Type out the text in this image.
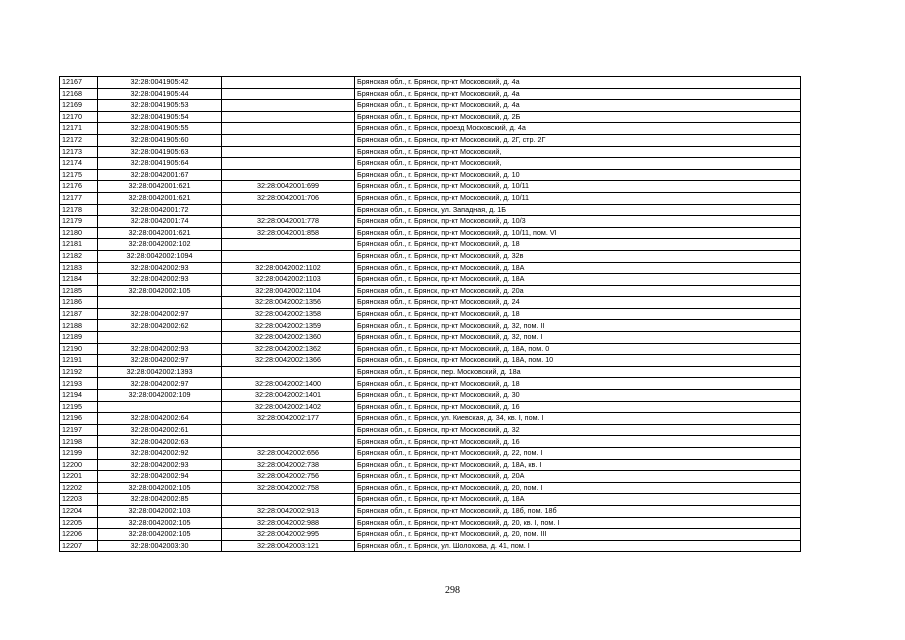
12167	32:28:0041905:42		Брянская обл., г. Брянск, пр-кт Московский, д. 4а
12168	32:28:0041905:44		Брянская обл., г. Брянск, пр-кт Московский, д. 4а
12169	32:28:0041905:53		Брянская обл., г. Брянск, пр-кт Московский, д. 4а
12170	32:28:0041905:54		Брянская обл., г. Брянск, пр-кт Московский, д. 2Б
12171	32:28:0041905:55		Брянская обл., г. Брянск, проезд Московский, д. 4а
12172	32:28:0041905:60		Брянская обл., г. Брянск, пр-кт Московский, д. 2Г, стр. 2Г
12173	32:28:0041905:63		Брянская обл., г. Брянск, пр-кт Московский,
12174	32:28:0041905:64		Брянская обл., г. Брянск, пр-кт Московский,
12175	32:28:0042001:67		Брянская обл., г. Брянск, пр-кт Московский, д. 10
12176	32:28:0042001:621	32:28:0042001:699	Брянская обл., г. Брянск, пр-кт Московский, д. 10/11
12177	32:28:0042001:621	32:28:0042001:706	Брянская обл., г. Брянск, пр-кт Московский, д. 10/11
12178	32:28:0042001:72		Брянская обл., г. Брянск, ул. Западная, д. 1Б
12179	32:28:0042001:74	32:28:0042001:778	Брянская обл., г. Брянск, пр-кт Московский, д. 10/3
12180	32:28:0042001:621	32:28:0042001:858	Брянская обл., г. Брянск, пр-кт Московский, д. 10/11, пом. VI
12181	32:28:0042002:102		Брянская обл., г. Брянск, пр-кт Московский, д. 18
12182	32:28:0042002:1094		Брянская обл., г. Брянск, пр-кт Московский, д. 32в
12183	32:28:0042002:93	32:28:0042002:1102	Брянская обл., г. Брянск, пр-кт Московский, д. 18А
12184	32:28:0042002:93	32:28:0042002:1103	Брянская обл., г. Брянск, пр-кт Московский, д. 18А
12185	32:28:0042002:105	32:28:0042002:1104	Брянская обл., г. Брянск, пр-кт Московский, д. 20а
12186		32:28:0042002:1356	Брянская обл., г. Брянск, пр-кт Московский, д. 24
12187	32:28:0042002:97	32:28:0042002:1358	Брянская обл., г. Брянск, пр-кт Московский, д. 18
12188	32:28:0042002:62	32:28:0042002:1359	Брянская обл., г. Брянск, пр-кт Московский, д. 32, пом. II
12189		32:28:0042002:1360	Брянская обл., г. Брянск, пр-кт Московский, д. 32, пом. I
12190	32:28:0042002:93	32:28:0042002:1362	Брянская обл., г. Брянск, пр-кт Московский, д. 18А, пом. 0
12191	32:28:0042002:97	32:28:0042002:1366	Брянская обл., г. Брянск, пр-кт Московский, д. 18А, пом. 10
12192	32:28:0042002:1393		Брянская обл., г. Брянск, пер. Московский, д. 18а
12193	32:28:0042002:97	32:28:0042002:1400	Брянская обл., г. Брянск, пр-кт Московский, д. 18
12194	32:28:0042002:109	32:28:0042002:1401	Брянская обл., г. Брянск, пр-кт Московский, д. 30
12195		32:28:0042002:1402	Брянская обл., г. Брянск, пр-кт Московский, д. 16
12196	32:28:0042002:64	32:28:0042002:177	Брянская обл., г. Брянск, ул. Киевская, д. 34, кв. I, пом. I
12197	32:28:0042002:61		Брянская обл., г. Брянск, пр-кт Московский, д. 32
12198	32:28:0042002:63		Брянская обл., г. Брянск, пр-кт Московский, д. 16
12199	32:28:0042002:92	32:28:0042002:656	Брянская обл., г. Брянск, пр-кт Московский, д. 22, пом. I
12200	32:28:0042002:93	32:28:0042002:738	Брянская обл., г. Брянск, пр-кт Московский, д. 18А, кв. I
12201	32:28:0042002:94	32:28:0042002:756	Брянская обл., г. Брянск, пр-кт Московский, д. 20А
12202	32:28:0042002:105	32:28:0042002:758	Брянская обл., г. Брянск, пр-кт Московский, д. 20, пом. I
12203	32:28:0042002:85		Брянская обл., г. Брянск, пр-кт Московский, д. 18А
12204	32:28:0042002:103	32:28:0042002:913	Брянская обл., г. Брянск, пр-кт Московский, д. 18б, пом. 18б
12205	32:28:0042002:105	32:28:0042002:988	Брянская обл., г. Брянск, пр-кт Московский, д. 20, кв. I, пом. I
12206	32:28:0042002:105	32:28:0042002:995	Брянская обл., г. Брянск, пр-кт Московский, д. 20, пом. III
12207	32:28:0042003:30	32:28:0042003:121	Брянская обл., г. Брянск, ул. Шолохова, д. 41, пом. I
298
